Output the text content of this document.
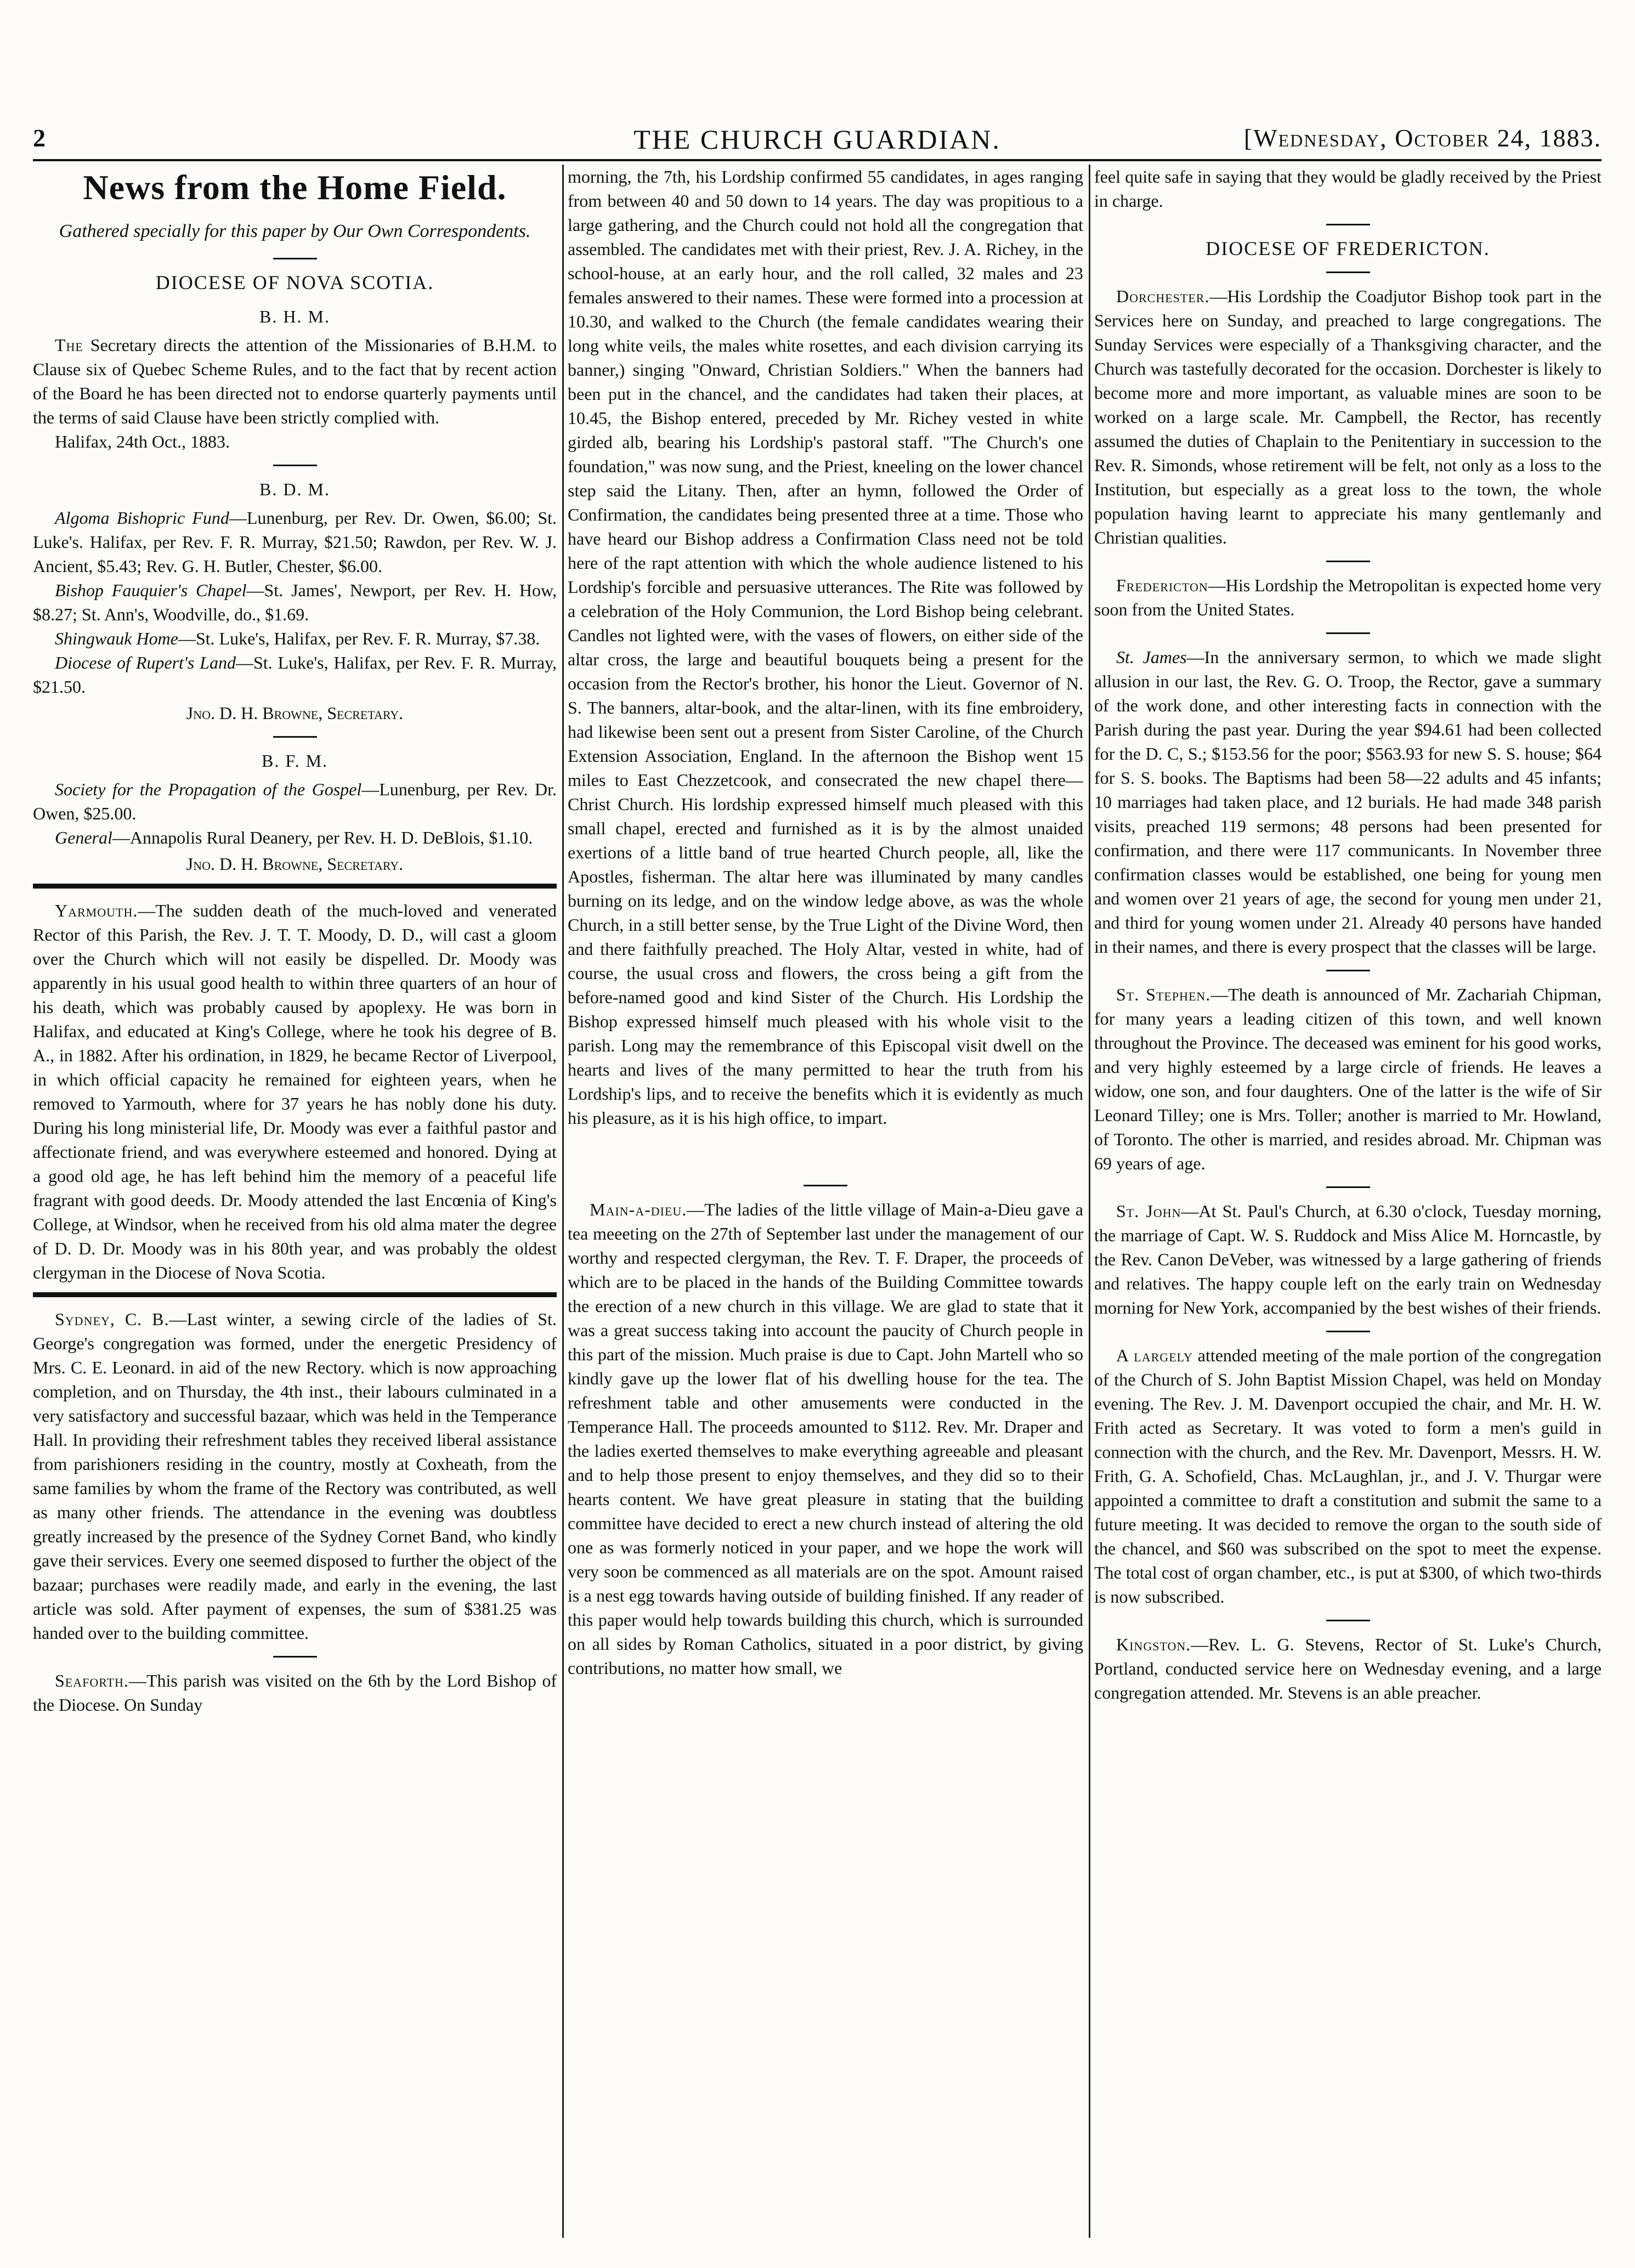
2	THE CHURCH GUARDIAN.	[Wednesday, October 24, 1883.
News from the Home Field.
Gathered specially for this paper by Our Own Correspondents.
DIOCESE OF NOVA SCOTIA.
B. H. M.

The Secretary directs the attention of the Missionaries of B.H.M. to Clause six of Quebec Scheme Rules, and to the fact that by recent action of the Board he has been directed not to endorse quarterly payments until the terms of said Clause have been strictly complied with.

Halifax, 24th Oct., 1883.

B. D. M.

Algoma Bishopric Fund—Lunenburg, per Rev. Dr. Owen, $6.00; St. Luke's. Halifax, per Rev. F. R. Murray, $21.50; Rawdon, per Rev. W. J. Ancient, $5.43; Rev. G. H. Butler, Chester, $6.00.

Bishop Fauquier's Chapel—St. James', Newport, per Rev. H. How, $8.27; St. Ann's, Woodville, do., $1.69.

Shingwauk Home—St. Luke's, Halifax, per Rev. F. R. Murray, $7.38.

Diocese of Rupert's Land—St. Luke's, Halifax, per Rev. F. R. Murray, $21.50.

Jno. D. H. Browne, Secretary.

B. F. M.

Society for the Propagation of the Gospel—Lunenburg, per Rev. Dr. Owen, $25.00.

General—Annapolis Rural Deanery, per Rev. H. D. DeBlois, $1.10.

Jno. D. H. Browne, Secretary.

Yarmouth.—The sudden death of the much-loved and venerated Rector of this Parish, the Rev. J. T. T. Moody, D. D., will cast a gloom over the Church which will not easily be dispelled. Dr. Moody was apparently in his usual good health to within three quarters of an hour of his death, which was probably caused by apoplexy. He was born in Halifax, and educated at King's College, where he took his degree of B. A., in 1882. After his ordination, in 1829, he became Rector of Liverpool, in which official capacity he remained for eighteen years, when he removed to Yarmouth, where for 37 years he has nobly done his duty. During his long ministerial life, Dr. Moody was ever a faithful pastor and affectionate friend, and was everywhere esteemed and honored. Dying at a good old age, he has left behind him the memory of a peaceful life fragrant with good deeds. Dr. Moody attended the last Encœnia of King's College, at Windsor, when he received from his old alma mater the degree of D. D. Dr. Moody was in his 80th year, and was probably the oldest clergyman in the Diocese of Nova Scotia.

Sydney, C. B.—Last winter, a sewing circle of the ladies of St. George's congregation was formed, under the energetic Presidency of Mrs. C. E. Leonard. in aid of the new Rectory. which is now approaching completion, and on Thursday, the 4th inst., their labours culminated in a very satisfactory and successful bazaar, which was held in the Temperance Hall. In providing their refreshment tables they received liberal assistance from parishioners residing in the country, mostly at Coxheath, from the same families by whom the frame of the Rectory was contributed, as well as many other friends. The attendance in the evening was doubtless greatly increased by the presence of the Sydney Cornet Band, who kindly gave their services. Every one seemed disposed to further the object of the bazaar; purchases were readily made, and early in the evening, the last article was sold. After payment of expenses, the sum of $381.25 was handed over to the building committee.

Seaforth.—This parish was visited on the 6th by the Lord Bishop of the Diocese. On Sunday

morning, the 7th, his Lordship confirmed 55 candidates, in ages ranging from between 40 and 50 down to 14 years. The day was propitious to a large gathering, and the Church could not hold all the congregation that assembled. The candidates met with their priest, Rev. J. A. Richey, in the school-house, at an early hour, and the roll called, 32 males and 23 females answered to their names. These were formed into a procession at 10.30, and walked to the Church (the female candidates wearing their long white veils, the males white rosettes, and each division carrying its banner,) singing "Onward, Christian Soldiers." When the banners had been put in the chancel, and the candidates had taken their places, at 10.45, the Bishop entered, preceded by Mr. Richey vested in white girded alb, bearing his Lordship's pastoral staff. "The Church's one foundation," was now sung, and the Priest, kneeling on the lower chancel step said the Litany. Then, after an hymn, followed the Order of Confirmation, the candidates being presented three at a time. Those who have heard our Bishop address a Confirmation Class need not be told here of the rapt attention with which the whole audience listened to his Lordship's forcible and persuasive utterances. The Rite was followed by a celebration of the Holy Communion, the Lord Bishop being celebrant. Candles not lighted were, with the vases of flowers, on either side of the altar cross, the large and beautiful bouquets being a present for the occasion from the Rector's brother, his honor the Lieut. Governor of N. S. The banners, altar-book, and the altar-linen, with its fine embroidery, had likewise been sent out a present from Sister Caroline, of the Church Extension Association, England. In the afternoon the Bishop went 15 miles to East Chezzetcook, and consecrated the new chapel there—Christ Church. His lordship expressed himself much pleased with this small chapel, erected and furnished as it is by the almost unaided exertions of a little band of true hearted Church people, all, like the Apostles, fisherman. The altar here was illuminated by many candles burning on its ledge, and on the window ledge above, as was the whole Church, in a still better sense, by the True Light of the Divine Word, then and there faithfully preached. The Holy Altar, vested in white, had of course, the usual cross and flowers, the cross being a gift from the before-named good and kind Sister of the Church. His Lordship the Bishop expressed himself much pleased with his whole visit to the parish. Long may the remembrance of this Episcopal visit dwell on the hearts and lives of the many permitted to hear the truth from his Lordship's lips, and to receive the benefits which it is evidently as much his pleasure, as it is his high office, to impart.

Main-a-dieu.—The ladies of the little village of Main-a-Dieu gave a tea meeeting on the 27th of September last under the management of our worthy and respected clergyman, the Rev. T. F. Draper, the proceeds of which are to be placed in the hands of the Building Committee towards the erection of a new church in this village. We are glad to state that it was a great success taking into account the paucity of Church people in this part of the mission. Much praise is due to Capt. John Martell who so kindly gave up the lower flat of his dwelling house for the tea. The refreshment table and other amusements were conducted in the Temperance Hall. The proceeds amounted to $112. Rev. Mr. Draper and the ladies exerted themselves to make everything agreeable and pleasant and to help those present to enjoy themselves, and they did so to their hearts content. We have great pleasure in stating that the building committee have decided to erect a new church instead of altering the old one as was formerly noticed in your paper, and we hope the work will very soon be commenced as all materials are on the spot. Amount raised is a nest egg towards having outside of building finished. If any reader of this paper would help towards building this church, which is surrounded on all sides by Roman Catholics, situated in a poor district, by giving contributions, no matter how small, we

feel quite safe in saying that they would be gladly received by the Priest in charge.

DIOCESE OF FREDERICTON.

Dorchester.—His Lordship the Coadjutor Bishop took part in the Services here on Sunday, and preached to large congregations. The Sunday Services were especially of a Thanksgiving character, and the Church was tastefully decorated for the occasion. Dorchester is likely to become more and more important, as valuable mines are soon to be worked on a large scale. Mr. Campbell, the Rector, has recently assumed the duties of Chaplain to the Penitentiary in succession to the Rev. R. Simonds, whose retirement will be felt, not only as a loss to the Institution, but especially as a great loss to the town, the whole population having learnt to appreciate his many gentlemanly and Christian qualities.

Fredericton—His Lordship the Metropolitan is expected home very soon from the United States.

St. James—In the anniversary sermon, to which we made slight allusion in our last, the Rev. G. O. Troop, the Rector, gave a summary of the work done, and other interesting facts in connection with the Parish during the past year. During the year $94.61 had been collected for the D. C, S.; $153.56 for the poor; $563.93 for new S. S. house; $64 for S. S. books. The Baptisms had been 58—22 adults and 45 infants; 10 marriages had taken place, and 12 burials. He had made 348 parish visits, preached 119 sermons; 48 persons had been presented for confirmation, and there were 117 communicants. In November three confirmation classes would be established, one being for young men and women over 21 years of age, the second for young men under 21, and third for young women under 21. Already 40 persons have handed in their names, and there is every prospect that the classes will be large.

St. Stephen.—The death is announced of Mr. Zachariah Chipman, for many years a leading citizen of this town, and well known throughout the Province. The deceased was eminent for his good works, and very highly esteemed by a large circle of friends. He leaves a widow, one son, and four daughters. One of the latter is the wife of Sir Leonard Tilley; one is Mrs. Toller; another is married to Mr. Howland, of Toronto. The other is married, and resides abroad. Mr. Chipman was 69 years of age.

St. John—At St. Paul's Church, at 6.30 o'clock, Tuesday morning, the marriage of Capt. W. S. Ruddock and Miss Alice M. Horncastle, by the Rev. Canon DeVeber, was witnessed by a large gathering of friends and relatives. The happy couple left on the early train on Wednesday morning for New York, accompanied by the best wishes of their friends.

A largely attended meeting of the male portion of the congregation of the Church of S. John Baptist Mission Chapel, was held on Monday evening. The Rev. J. M. Davenport occupied the chair, and Mr. H. W. Frith acted as Secretary. It was voted to form a men's guild in connection with the church, and the Rev. Mr. Davenport, Messrs. H. W. Frith, G. A. Schofield, Chas. McLaughlan, jr., and J. V. Thurgar were appointed a committee to draft a constitution and submit the same to a future meeting. It was decided to remove the organ to the south side of the chancel, and $60 was subscribed on the spot to meet the expense. The total cost of organ chamber, etc., is put at $300, of which two-thirds is now subscribed.

Kingston.—Rev. L. G. Stevens, Rector of St. Luke's Church, Portland, conducted service here on Wednesday evening, and a large congregation attended. Mr. Stevens is an able preacher.
